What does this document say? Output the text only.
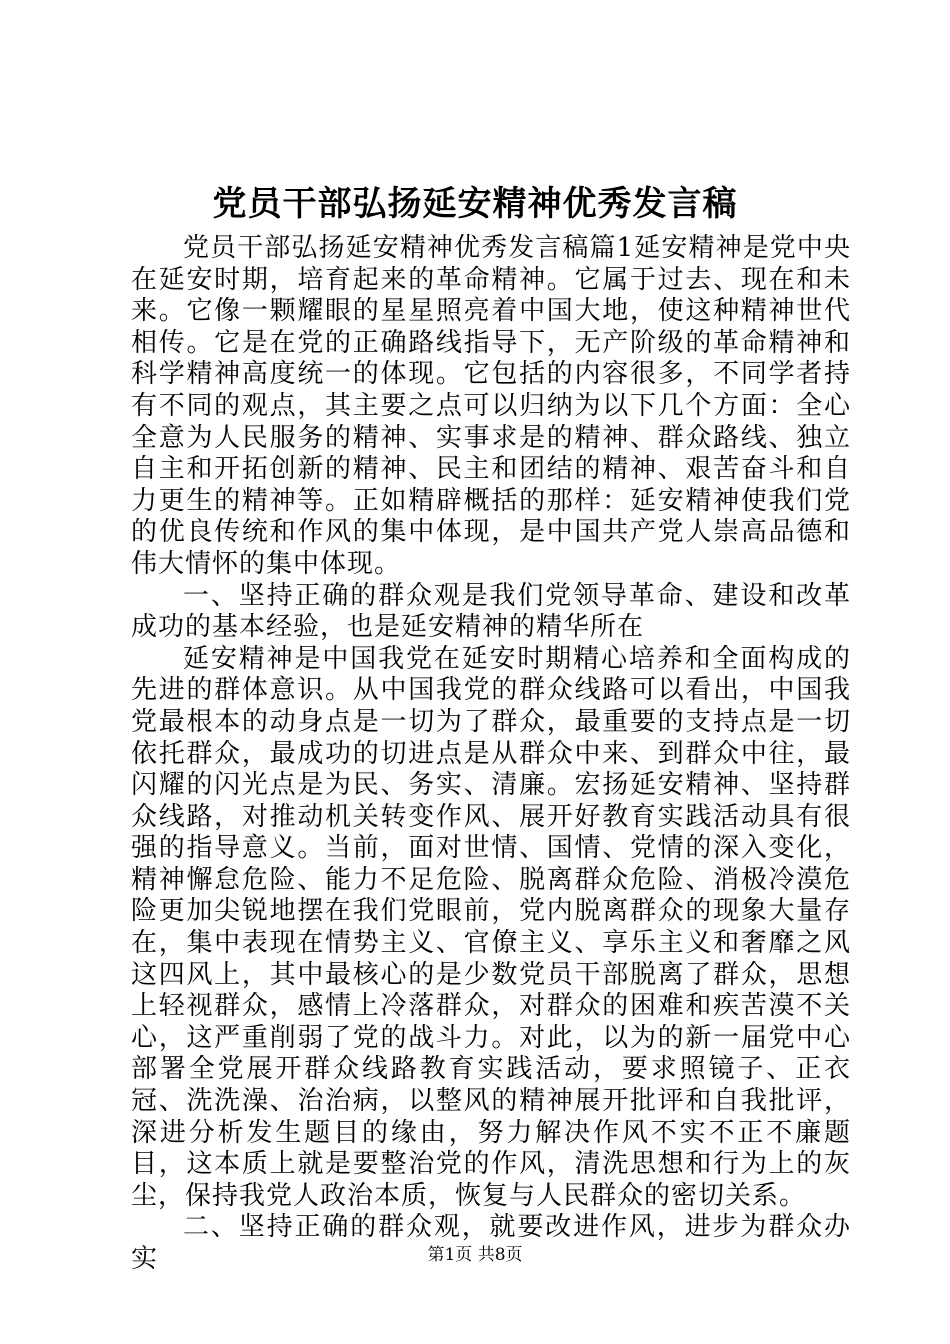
党员干部弘扬延安精神优秀发言稿

党员干部弘扬延安精神优秀发言稿篇1延安精神是党中央在延安时期，培育起来的革命精神。它属于过去、现在和未来。它像一颗耀眼的星星照亮着中国大地，使这种精神世代相传。它是在党的正确路线指导下，无产阶级的革命精神和科学精神高度统一的体现。它包括的内容很多，不同学者持有不同的观点，其主要之点可以归纳为以下几个方面：全心全意为人民服务的精神、实事求是的精神、群众路线、独立自主和开拓创新的精神、民主和团结的精神、艰苦奋斗和自力更生的精神等。正如精辟概括的那样：延安精神使我们党的优良传统和作风的集中体现，是中国共产党人崇高品德和伟大情怀的集中体现。

一、坚持正确的群众观是我们党领导革命、建设和改革成功的基本经验，也是延安精神的精华所在

延安精神是中国我党在延安时期精心培养和全面构成的先进的群体意识。从中国我党的群众线路可以看出，中国我党最根本的动身点是一切为了群众，最重要的支持点是一切依托群众，最成功的切进点是从群众中来、到群众中往，最闪耀的闪光点是为民、务实、清廉。宏扬延安精神、坚持群众线路，对推动机关转变作风、展开好教育实践活动具有很强的指导意义。当前，面对世情、国情、党情的深入变化，精神懈怠危险、能力不足危险、脱离群众危险、消极冷漠危险更加尖锐地摆在我们党眼前，党内脱离群众的现象大量存在，集中表现在情势主义、官僚主义、享乐主义和奢靡之风这四风上，其中最核心的是少数党员干部脱离了群众，思想上轻视群众，感情上冷落群众，对群众的困难和疾苦漠不关心，这严重削弱了党的战斗力。对此，以为的新一届党中心部署全党展开群众线路教育实践活动，要求照镜子、正衣冠、洗洗澡、治治病，以整风的精神展开批评和自我批评，深进分析发生题目的缘由，努力解决作风不实不正不廉题目，这本质上就是要整治党的作风，清洗思想和行为上的灰尘，保持我党人政治本质，恢复与人民群众的密切关系。

二、坚持正确的群众观，就要改进作风，进步为群众办实	第1页 共8页
